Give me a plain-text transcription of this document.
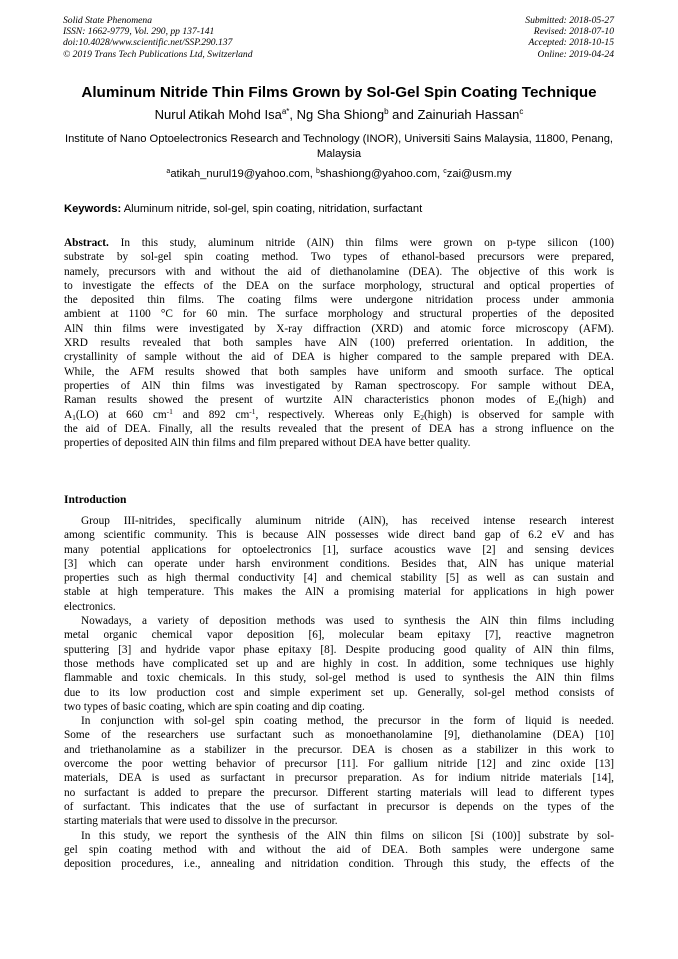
Solid State Phenomena
ISSN: 1662-9779, Vol. 290, pp 137-141
doi:10.4028/www.scientific.net/SSP.290.137
© 2019 Trans Tech Publications Ltd, Switzerland
Submitted: 2018-05-27
Revised: 2018-07-10
Accepted: 2018-10-15
Online: 2019-04-24
Aluminum Nitride Thin Films Grown by Sol-Gel Spin Coating Technique
Nurul Atikah Mohd Isa$^{a*}$, Ng Sha Shiong$^b$ and Zainuriah Hassan$^c$
Institute of Nano Optoelectronics Research and Technology (INOR), Universiti Sains Malaysia, 11800, Penang, Malaysia
$^a$atikah_nurul19@yahoo.com, $^b$shashiong@yahoo.com, $^c$zai@usm.my
Keywords: Aluminum nitride, sol-gel, spin coating, nitridation, surfactant
Abstract. In this study, aluminum nitride (AlN) thin films were grown on p-type silicon (100)
substrate by sol-gel spin coating method. Two types of ethanol-based precursors were prepared,
namely, precursors with and without the aid of diethanolamine (DEA). The objective of this work is
to investigate the effects of the DEA on the surface morphology, structural and optical properties of
the deposited thin films. The coating films were undergone nitridation process under ammonia
ambient at 1100 °C for 60 min. The surface morphology and structural properties of the deposited
AlN thin films were investigated by X-ray diffraction (XRD) and atomic force microscopy (AFM).
XRD results revealed that both samples have AlN (100) preferred orientation. In addition, the
crystallinity of sample without the aid of DEA is higher compared to the sample prepared with DEA.
While, the AFM results showed that both samples have uniform and smooth surface. The optical
properties of AlN thin films was investigated by Raman spectroscopy. For sample without DEA,
Raman results showed the present of wurtzite AlN characteristics phonon modes of $E_2(high)$ and
$A_1(LO)$ at 660 $cm^{-1}$ and 892 $cm^{-1}$, respectively. Whereas only $E_2(high)$ is observed for sample with
the aid of DEA. Finally, all the results revealed that the present of DEA has a strong influence on the
properties of deposited AlN thin films and film prepared without DEA have better quality.
Introduction
Group III-nitrides, specifically aluminum nitride (AlN), has received intense research interest
among scientific community. This is because AlN possesses wide direct band gap of 6.2 eV and has
many potential applications for optoelectronics [1], surface acoustics wave [2] and sensing devices
[3] which can operate under harsh environment conditions. Besides that, AlN has unique material
properties such as high thermal conductivity [4] and chemical stability [5] as well as can sustain and
stable at high temperature. This makes the AlN a promising material for applications in high power
electronics.
Nowadays, a variety of deposition methods was used to synthesis the AlN thin films including
metal organic chemical vapor deposition [6], molecular beam epitaxy [7], reactive magnetron
sputtering [3] and hydride vapor phase epitaxy [8]. Despite producing good quality of AlN thin films,
those methods have complicated set up and are highly in cost. In addition, some techniques use highly
flammable and toxic chemicals. In this study, sol-gel method is used to synthesis the AlN thin films
due to its low production cost and simple experiment set up. Generally, sol-gel method consists of
two types of basic coating, which are spin coating and dip coating.
In conjunction with sol-gel spin coating method, the precursor in the form of liquid is needed.
Some of the researchers use surfactant such as monoethanolamine [9], diethanolamine (DEA) [10]
and triethanolamine as a stabilizer in the precursor. DEA is chosen as a stabilizer in this work to
overcome the poor wetting behavior of precursor [11]. For gallium nitride [12] and zinc oxide [13]
materials, DEA is used as surfactant in precursor preparation. As for indium nitride materials [14],
no surfactant is added to prepare the precursor. Different starting materials will lead to different types
of surfactant. This indicates that the use of surfactant in precursor is depends on the types of the
starting materials that were used to dissolve in the precursor.
In this study, we report the synthesis of the AlN thin films on silicon [Si (100)] substrate by sol-
gel spin coating method with and without the aid of DEA. Both samples were undergone same
deposition procedures, i.e., annealing and nitridation condition. Through this study, the effects of the
